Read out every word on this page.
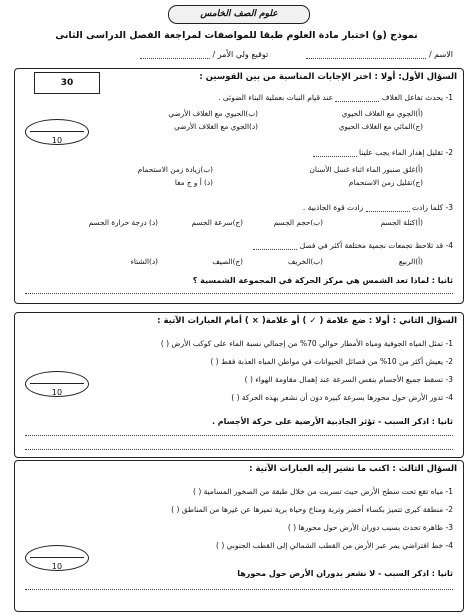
علوم الصف الخامس
نموذج (و) اختبار مادة العلوم طبقا للمواصفات لمراجعة الفصل الدراسى الثانى
الاسم /
توقيع ولي الأمر /
السؤال الأول: أولا : اختر الإجابات المناسبة من بين القوسين :
1- يحدث تفاعل الغلاف  عند قيام النبات بعملية البناء الضوئى .
(أ)الجوي مع الغلاف الحيوي
(ب)الحيوي مع الغلاف الأرضي
(ج)المائي مع الغلاف الحيوي
(د)الجوي مع الغلاف الأرضي
2- تقليل إهدار الماء يجب علينا
(أ)غلق صنبور الماء اثناء غسل الأسنان
(ب)زيادة زمن الاستحمام
(ج)تقليل زمن الاستحمام
(د) أ و ج معا
3- كلما زادت  زادت قوة الجاذبية .
(أ)كتلة الجسم
(ب)حجم الجسم
(ج)سرعة الجسم
(د) درجة حرارة الجسم
4- قد تلاحظ تجمعات نجمية مختلفة أكثر في فصل
(أ)الربيع
(ب)الخريف
(ج)الصيف
(د)الشتاء
ثانيا : لماذا تعد الشمس هي مركز الحركة في المجموعة الشمسية ؟
10
السؤال الثاني : أولا : ضع علامة ( ✓ ) أو علامة( × ) أمام العبارات الآتية :
1- تمثل المياه الجوفية ومياه الأمطار حوالي 70% من إجمالي نسبة الماء على كوكب الأرض ( )
2- يعيش أكثر من 10% من فصائل الحيوانات في مواطن المياه العذبة فقط ( )
3- تسقط جميع الأجسام بنفس السرعة عند إهمال مقاومة الهواء ( )
4- تدور الأرض حول محورها بسرعة كبيرة دون أن نشعر بهذه الحركة ( )
ثانيا : اذكر السبب - تؤثر الجاذبية الأرضية على حركة الأجسام .
10
السؤال الثالث : اكتب ما تشير إليه العبارات الآتية :
1- مياه تقع تحت سطح الأرض حيث تسربت من خلال طبقة من الصخور المسامية ( )
2- منطقة كبرى تتميز بكساء أخضر وتربة ومناخ وحياة برية تميزها عن غيرها من المناطق ( )
3- ظاهرة تحدث بسبب دوران الأرض حول محورها ( )
4- خط افتراضي يمر عبر الأرض من القطب الشمالي إلى القطب الجنوبي ( )
ثانيا : اذكر السبب - لا نشعر بدوران الأرض حول محورها
10
30
